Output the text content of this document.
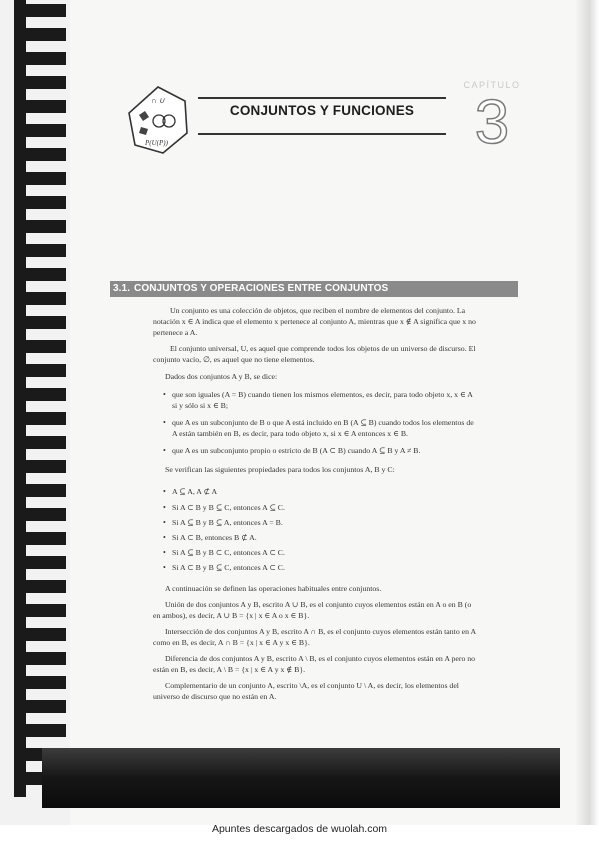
∩ ∪
P(U(P))
CONJUNTOS Y FUNCIONES
CAPÍTULO
3
3.1. CONJUNTOS Y OPERACIONES ENTRE CONJUNTOS
Un conjunto es una colección de objetos, que reciben el nombre de elementos del conjunto. La
notación x ∈ A indica que el elemento x pertenece al conjunto A, mientras que x ∉ A significa que x no
pertenece a A.
El conjunto universal, U, es aquel que comprende todos los objetos de un universo de discurso. El
conjunto vacío, ∅, es aquel que no tiene elementos.
Dados dos conjuntos A y B, se dice:
• que son iguales (A = B) cuando tienen los mismos elementos, es decir, para todo objeto x, x ∈ A
si y sólo si x ∈ B;
• que A es un subconjunto de B o que A está incluido en B (A ⊆ B) cuando todos los elementos de
A están también en B, es decir, para todo objeto x, si x ∈ A entonces x ∈ B.
• que A es un subconjunto propio o estricto de B (A ⊂ B) cuando A ⊆ B y A ≠ B.
Se verifican las siguientes propiedades para todos los conjuntos A, B y C:
• A ⊆ A, A ⊄ A
• Si A ⊂ B y B ⊆ C, entonces A ⊆ C.
• Si A ⊆ B y B ⊆ A, entonces A = B.
• Si A ⊂ B, entonces B ⊄ A.
• Si A ⊆ B y B ⊂ C, entonces A ⊂ C.
• Si A ⊂ B y B ⊆ C, entonces A ⊂ C.
A continuación se definen las operaciones habituales entre conjuntos.
Unión de dos conjuntos A y B, escrito A ∪ B, es el conjunto cuyos elementos están en A o en B (o
en ambos), es decir, A ∪ B = {x | x ∈ A o x ∈ B}.
Intersección de dos conjuntos A y B, escrito A ∩ B, es el conjunto cuyos elementos están tanto en A
como en B, es decir, A ∩ B = {x | x ∈ A y x ∈ B}.
Diferencia de dos conjuntos A y B, escrito A \ B, es el conjunto cuyos elementos están en A pero no
están en B, es decir, A \ B = {x | x ∈ A y x ∉ B}.
Complementario de un conjunto A, escrito \A, es el conjunto U \ A, es decir, los elementos del
universo de discurso que no están en A.
Apuntes descargados de wuolah.com
